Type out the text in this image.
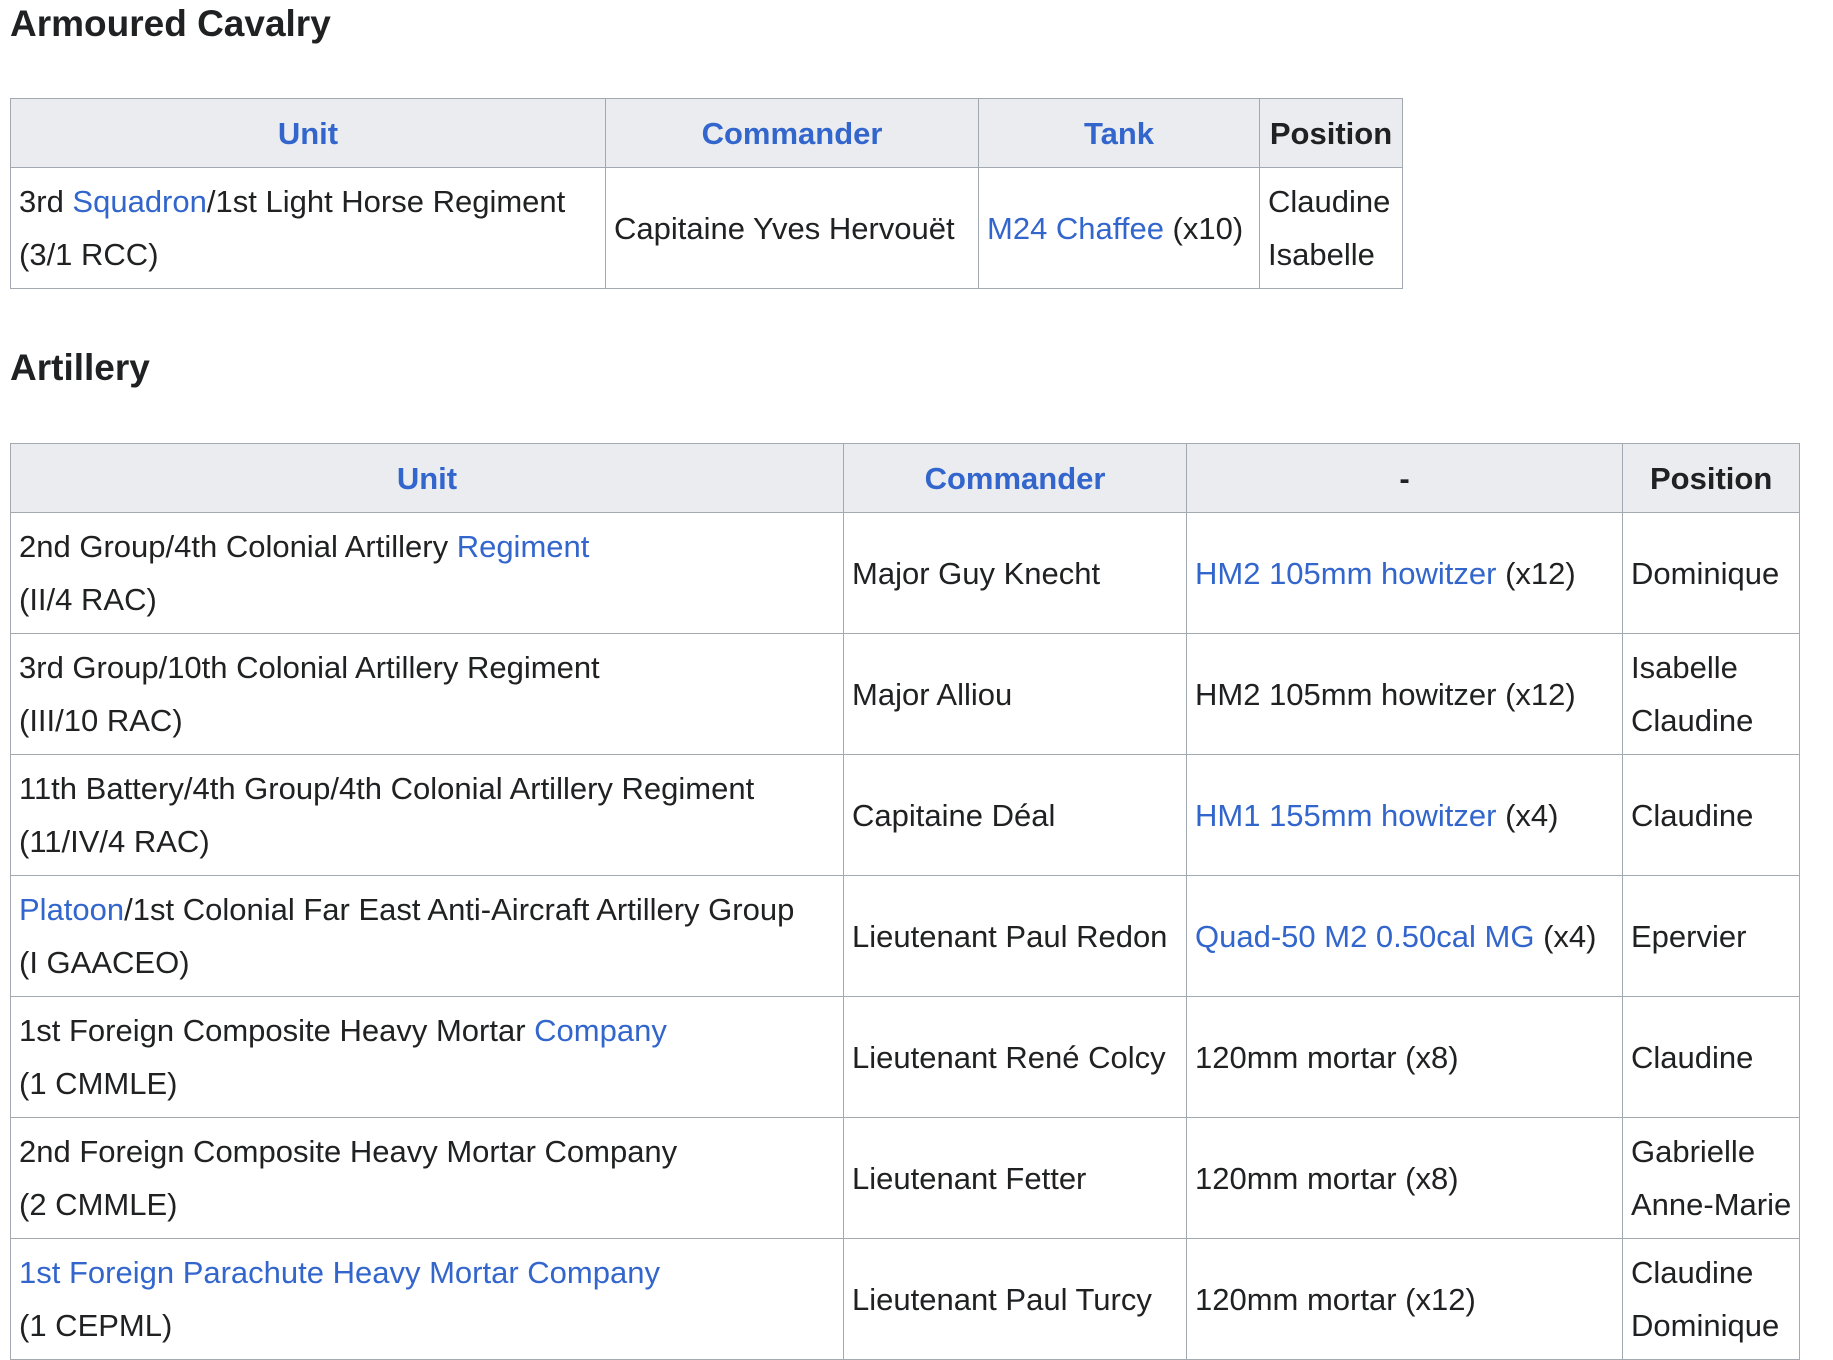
Armoured Cavalry
Unit	Commander	Tank	Position

3rd Squadron/1st Light Horse Regiment
(3/1 RCC)	Capitaine Yves Hervouët	M24 Chaffee (x10)	Claudine
Isabelle
Artillery
Unit	Commander	-	Position

2nd Group/4th Colonial Artillery Regiment
(II/4 RAC)	Major Guy Knecht	HM2 105mm howitzer (x12)	Dominique

3rd Group/10th Colonial Artillery Regiment
(III/10 RAC)	Major Alliou	HM2 105mm howitzer (x12)	Isabelle
Claudine

11th Battery/4th Group/4th Colonial Artillery Regiment
(11/IV/4 RAC)	Capitaine Déal	HM1 155mm howitzer (x4)	Claudine

Platoon/1st Colonial Far East Anti-Aircraft Artillery Group
(I GAACEO)	Lieutenant Paul Redon	Quad-50 M2 0.50cal MG (x4)	Epervier

1st Foreign Composite Heavy Mortar Company
(1 CMMLE)	Lieutenant René Colcy	120mm mortar (x8)	Claudine

2nd Foreign Composite Heavy Mortar Company
(2 CMMLE)	Lieutenant Fetter	120mm mortar (x8)	Gabrielle
Anne-Marie

1st Foreign Parachute Heavy Mortar Company
(1 CEPML)	Lieutenant Paul Turcy	120mm mortar (x12)	Claudine
Dominique
